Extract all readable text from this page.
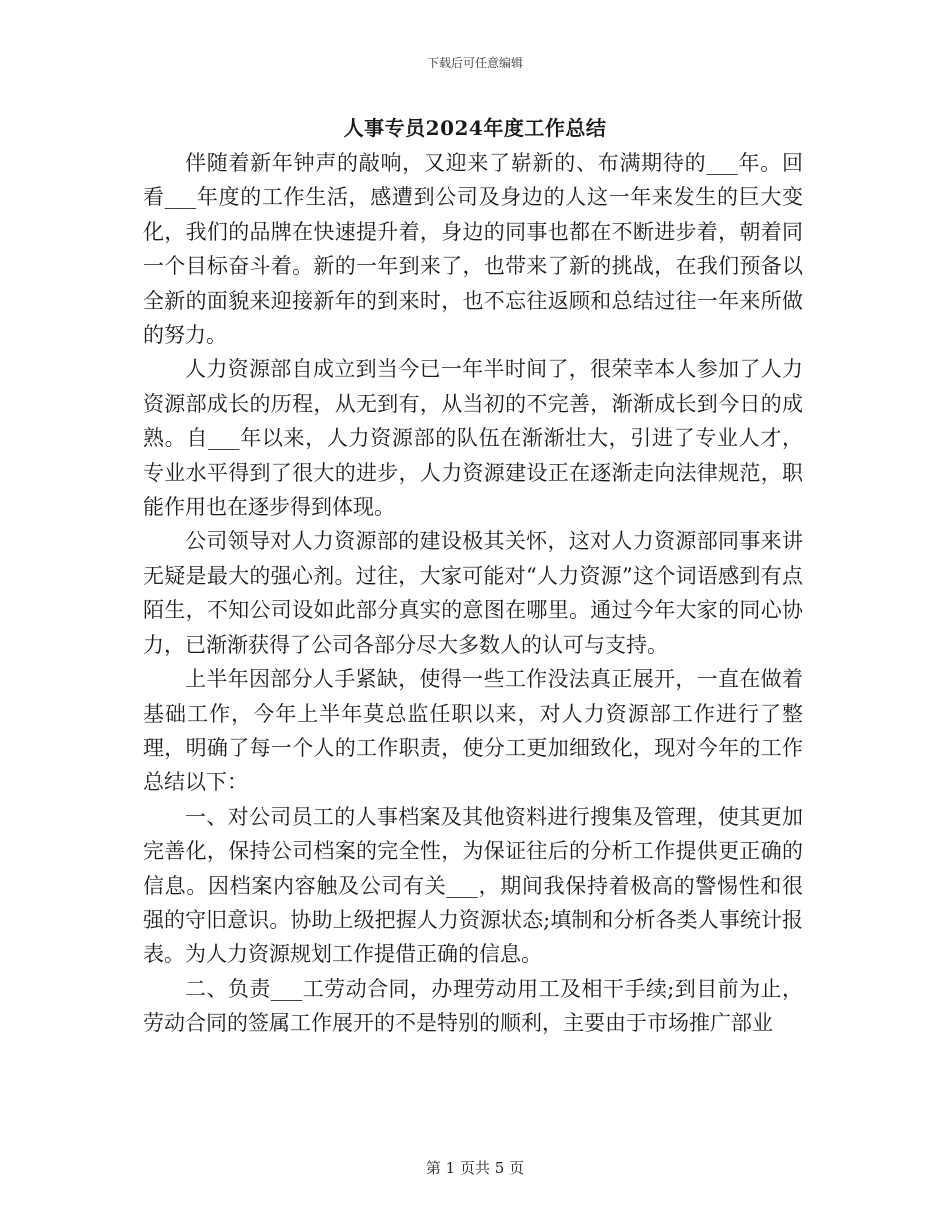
下载后可任意编辑
人事专员2024年度工作总结

伴随着新年钟声的敲响，又迎来了崭新的、布满期待的___年。回看___年度的工作生活，感遭到公司及身边的人这一年来发生的巨大变化，我们的品牌在快速提升着，身边的同事也都在不断进步着，朝着同一个目标奋斗着。新的一年到来了，也带来了新的挑战，在我们预备以全新的面貌来迎接新年的到来时，也不忘往返顾和总结过往一年来所做的努力。

人力资源部自成立到当今已一年半时间了，很荣幸本人参加了人力资源部成长的历程，从无到有，从当初的不完善，渐渐成长到今日的成熟。自___年以来，人力资源部的队伍在渐渐壮大，引进了专业人才，专业水平得到了很大的进步，人力资源建设正在逐渐走向法律规范，职能作用也在逐步得到体现。

公司领导对人力资源部的建设极其关怀，这对人力资源部同事来讲无疑是最大的强心剂。过往，大家可能对“人力资源”这个词语感到有点陌生，不知公司设如此部分真实的意图在哪里。通过今年大家的同心协力，已渐渐获得了公司各部分尽大多数人的认可与支持。

上半年因部分人手紧缺，使得一些工作没法真正展开，一直在做着基础工作，今年上半年莫总监任职以来，对人力资源部工作进行了整理，明确了每一个人的工作职责，使分工更加细致化，现对今年的工作总结以下：

一、对公司员工的人事档案及其他资料进行搜集及管理，使其更加完善化，保持公司档案的完全性，为保证往后的分析工作提供更正确的信息。因档案内容触及公司有关___，期间我保持着极高的警惕性和很强的守旧意识。协助上级把握人力资源状态;填制和分析各类人事统计报表。为人力资源规划工作提借正确的信息。

二、负责___工劳动合同，办理劳动用工及相干手续;到目前为止，劳动合同的签属工作展开的不是特别的顺利，主要由于市场推广部业

第 1 页共 5 页
